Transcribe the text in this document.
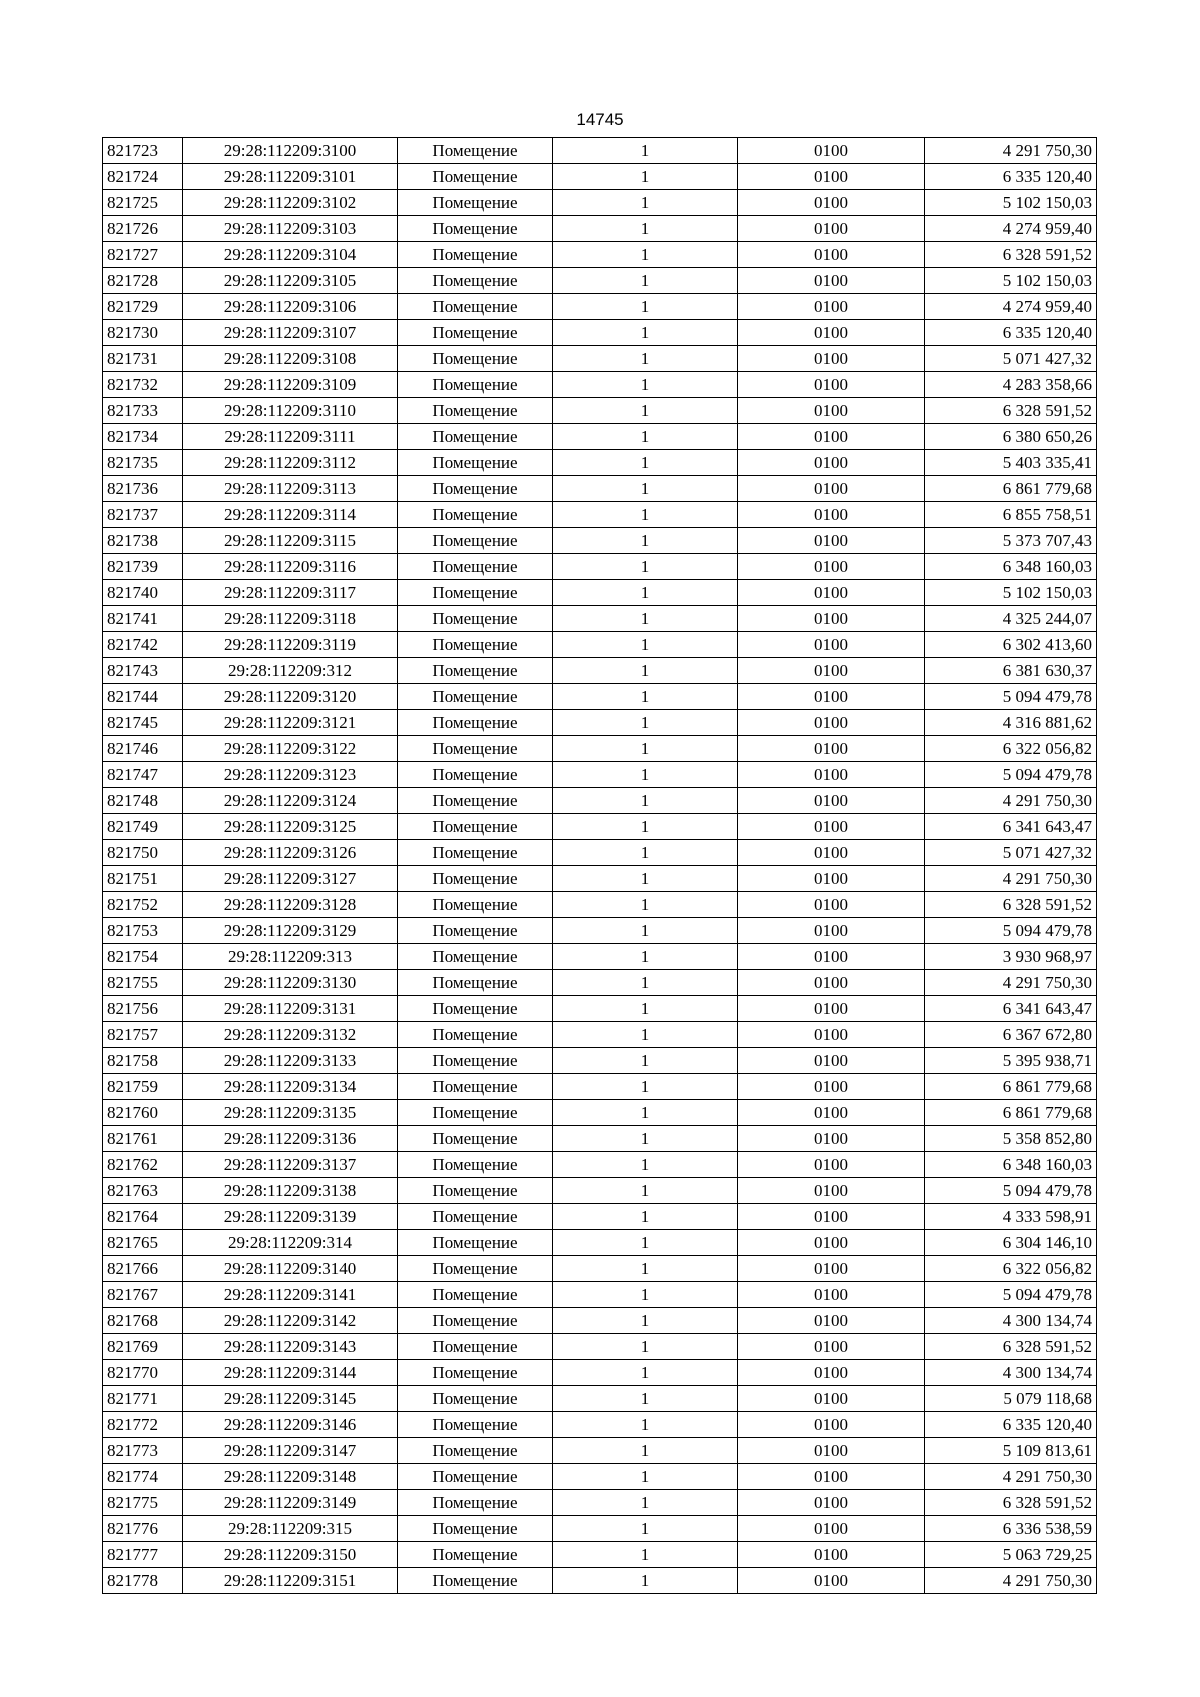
14745
821723	29:28:112209:3100	Помещение	1	0100	4 291 750,30
821724	29:28:112209:3101	Помещение	1	0100	6 335 120,40
821725	29:28:112209:3102	Помещение	1	0100	5 102 150,03
821726	29:28:112209:3103	Помещение	1	0100	4 274 959,40
821727	29:28:112209:3104	Помещение	1	0100	6 328 591,52
821728	29:28:112209:3105	Помещение	1	0100	5 102 150,03
821729	29:28:112209:3106	Помещение	1	0100	4 274 959,40
821730	29:28:112209:3107	Помещение	1	0100	6 335 120,40
821731	29:28:112209:3108	Помещение	1	0100	5 071 427,32
821732	29:28:112209:3109	Помещение	1	0100	4 283 358,66
821733	29:28:112209:3110	Помещение	1	0100	6 328 591,52
821734	29:28:112209:3111	Помещение	1	0100	6 380 650,26
821735	29:28:112209:3112	Помещение	1	0100	5 403 335,41
821736	29:28:112209:3113	Помещение	1	0100	6 861 779,68
821737	29:28:112209:3114	Помещение	1	0100	6 855 758,51
821738	29:28:112209:3115	Помещение	1	0100	5 373 707,43
821739	29:28:112209:3116	Помещение	1	0100	6 348 160,03
821740	29:28:112209:3117	Помещение	1	0100	5 102 150,03
821741	29:28:112209:3118	Помещение	1	0100	4 325 244,07
821742	29:28:112209:3119	Помещение	1	0100	6 302 413,60
821743	29:28:112209:312	Помещение	1	0100	6 381 630,37
821744	29:28:112209:3120	Помещение	1	0100	5 094 479,78
821745	29:28:112209:3121	Помещение	1	0100	4 316 881,62
821746	29:28:112209:3122	Помещение	1	0100	6 322 056,82
821747	29:28:112209:3123	Помещение	1	0100	5 094 479,78
821748	29:28:112209:3124	Помещение	1	0100	4 291 750,30
821749	29:28:112209:3125	Помещение	1	0100	6 341 643,47
821750	29:28:112209:3126	Помещение	1	0100	5 071 427,32
821751	29:28:112209:3127	Помещение	1	0100	4 291 750,30
821752	29:28:112209:3128	Помещение	1	0100	6 328 591,52
821753	29:28:112209:3129	Помещение	1	0100	5 094 479,78
821754	29:28:112209:313	Помещение	1	0100	3 930 968,97
821755	29:28:112209:3130	Помещение	1	0100	4 291 750,30
821756	29:28:112209:3131	Помещение	1	0100	6 341 643,47
821757	29:28:112209:3132	Помещение	1	0100	6 367 672,80
821758	29:28:112209:3133	Помещение	1	0100	5 395 938,71
821759	29:28:112209:3134	Помещение	1	0100	6 861 779,68
821760	29:28:112209:3135	Помещение	1	0100	6 861 779,68
821761	29:28:112209:3136	Помещение	1	0100	5 358 852,80
821762	29:28:112209:3137	Помещение	1	0100	6 348 160,03
821763	29:28:112209:3138	Помещение	1	0100	5 094 479,78
821764	29:28:112209:3139	Помещение	1	0100	4 333 598,91
821765	29:28:112209:314	Помещение	1	0100	6 304 146,10
821766	29:28:112209:3140	Помещение	1	0100	6 322 056,82
821767	29:28:112209:3141	Помещение	1	0100	5 094 479,78
821768	29:28:112209:3142	Помещение	1	0100	4 300 134,74
821769	29:28:112209:3143	Помещение	1	0100	6 328 591,52
821770	29:28:112209:3144	Помещение	1	0100	4 300 134,74
821771	29:28:112209:3145	Помещение	1	0100	5 079 118,68
821772	29:28:112209:3146	Помещение	1	0100	6 335 120,40
821773	29:28:112209:3147	Помещение	1	0100	5 109 813,61
821774	29:28:112209:3148	Помещение	1	0100	4 291 750,30
821775	29:28:112209:3149	Помещение	1	0100	6 328 591,52
821776	29:28:112209:315	Помещение	1	0100	6 336 538,59
821777	29:28:112209:3150	Помещение	1	0100	5 063 729,25
821778	29:28:112209:3151	Помещение	1	0100	4 291 750,30
